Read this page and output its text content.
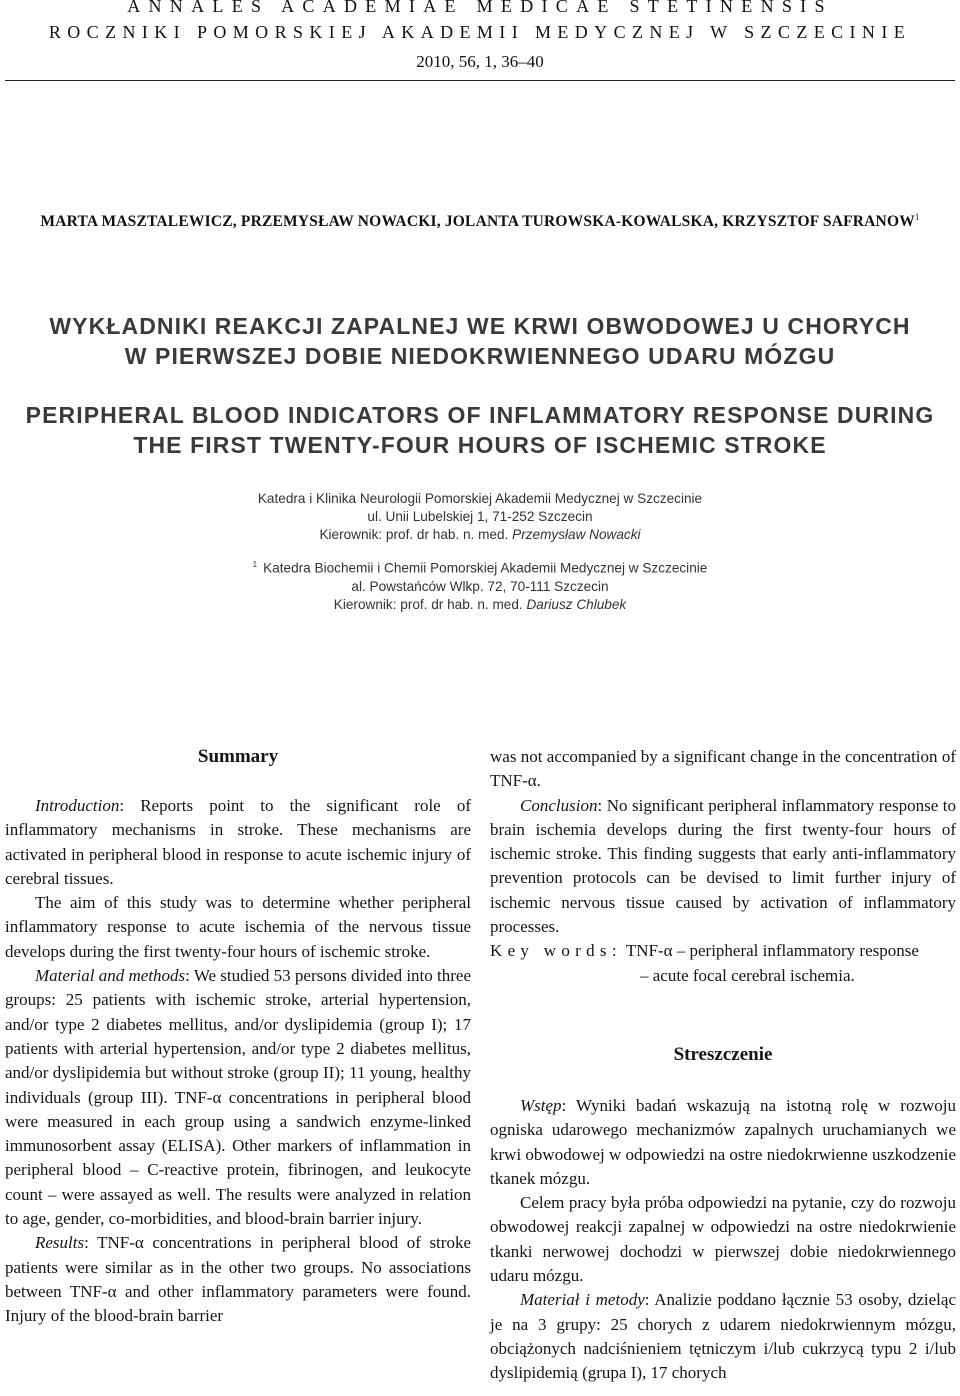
ANNALES ACADEMIAE MEDICAE STETINENSIS
ROCZNIKI POMORSKIEJ AKADEMII MEDYCZNEJ W SZCZECINIE
2010, 56, 1, 36–40
MARTA MASZTALEWICZ, PRZEMYSŁAW NOWACKI, JOLANTA TUROWSKA-KOWALSKA, KRZYSZTOF SAFRANOW$^1$
WYKŁADNIKI REAKCJI ZAPALNEJ WE KRWI OBWODOWEJ U CHORYCH
W PIERWSZEJ DOBIE NIEDOKRWIENNEGO UDARU MÓZGU
PERIPHERAL BLOOD INDICATORS OF INFLAMMATORY RESPONSE DURING
THE FIRST TWENTY-FOUR HOURS OF ISCHEMIC STROKE
Katedra i Klinika Neurologii Pomorskiej Akademii Medycznej w Szczecinie
ul. Unii Lubelskiej 1, 71-252 Szczecin
Kierownik: prof. dr hab. n. med. Przemysław Nowacki
$^1$ Katedra Biochemii i Chemii Pomorskiej Akademii Medycznej w Szczecinie
al. Powstańców Wlkp. 72, 70-111 Szczecin
Kierownik: prof. dr hab. n. med. Dariusz Chlubek
Summary

Introduction: Reports point to the significant role of inflammatory mechanisms in stroke. These mechanisms are activated in peripheral blood in response to acute ischemic injury of cerebral tissues.

The aim of this study was to determine whether peripheral inflammatory response to acute ischemia of the nervous tissue develops during the first twenty-four hours of ischemic stroke.

Material and methods: We studied 53 persons divided into three groups: 25 patients with ischemic stroke, arterial hypertension, and/or type 2 diabetes mellitus, and/or dyslipidemia (group I); 17 patients with arterial hypertension, and/or type 2 diabetes mellitus, and/or dyslipidemia but without stroke (group II); 11 young, healthy individuals (group III). TNF-α concentrations in peripheral blood were measured in each group using a sandwich enzyme-linked immunosorbent assay (ELISA). Other markers of inflammation in peripheral blood – C-reactive protein, fibrinogen, and leukocyte count – were assayed as well. The results were analyzed in relation to age, gender, co-morbidities, and blood-brain barrier injury.

Results: TNF-α concentrations in peripheral blood of stroke patients were similar as in the other two groups. No associations between TNF-α and other inflammatory parameters were found. Injury of the blood-brain barrier

was not accompanied by a significant change in the concentration of TNF-α.

Conclusion: No significant peripheral inflammatory response to brain ischemia develops during the first twenty-four hours of ischemic stroke. This finding suggests that early anti-inflammatory prevention protocols can be devised to limit further injury of ischemic nervous tissue caused by activation of inflammatory processes.

Key words: TNF-α – peripheral inflammatory response
– acute focal cerebral ischemia.

Streszczenie

Wstęp: Wyniki badań wskazują na istotną rolę w rozwoju ogniska udarowego mechanizmów zapalnych uruchamianych we krwi obwodowej w odpowiedzi na ostre niedokrwienne uszkodzenie tkanek mózgu.

Celem pracy była próba odpowiedzi na pytanie, czy do rozwoju obwodowej reakcji zapalnej w odpowiedzi na ostre niedokrwienie tkanki nerwowej dochodzi w pierwszej dobie niedokrwiennego udaru mózgu.

Materiał i metody: Analizie poddano łącznie 53 osoby, dzieląc je na 3 grupy: 25 chorych z udarem niedokrwiennym mózgu, obciążonych nadciśnieniem tętniczym i/lub cukrzycą typu 2 i/lub dyslipidemią (grupa I), 17 chorych
